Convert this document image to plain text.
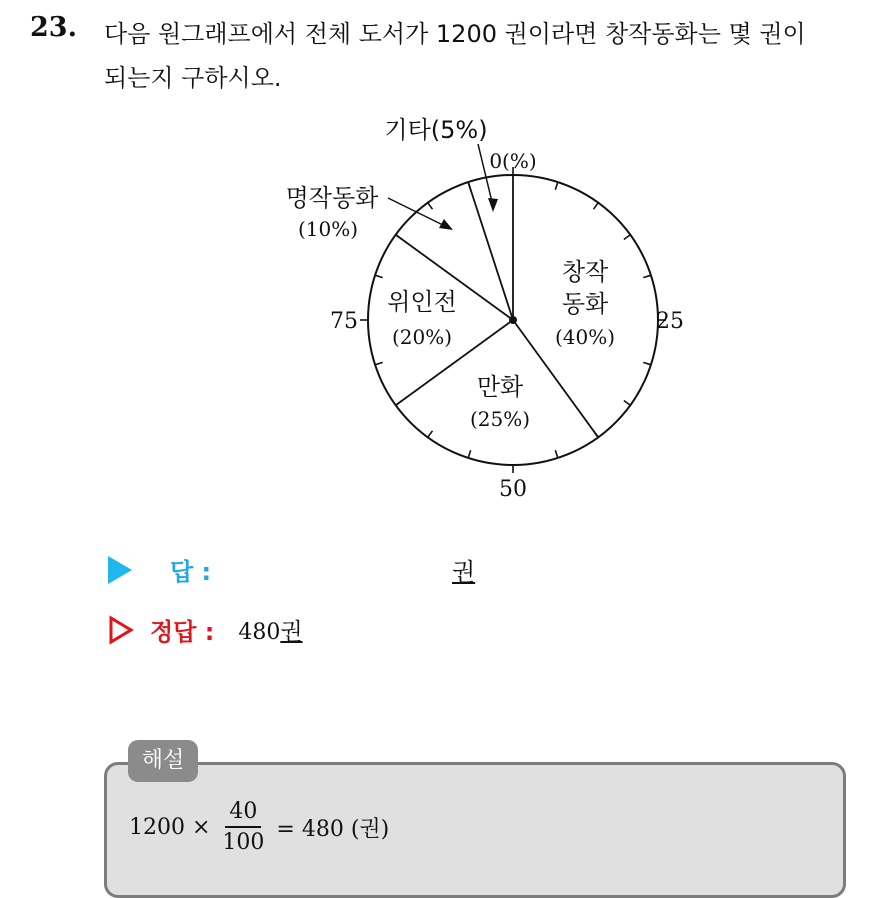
23. 다음 원그래프에서 전체 도서가 1200 권이라면 창작동화는 몇 권이
되는지 구하시오.
0(%)
25
50
75
창작
동화
(40%)
만화
(25%)
위인전
(20%)
기타(5%)
명작동화
(10%)
답 :	권
정답 : 480권
해설
$1200 \times \frac{40}{100} = 480$ (권)
